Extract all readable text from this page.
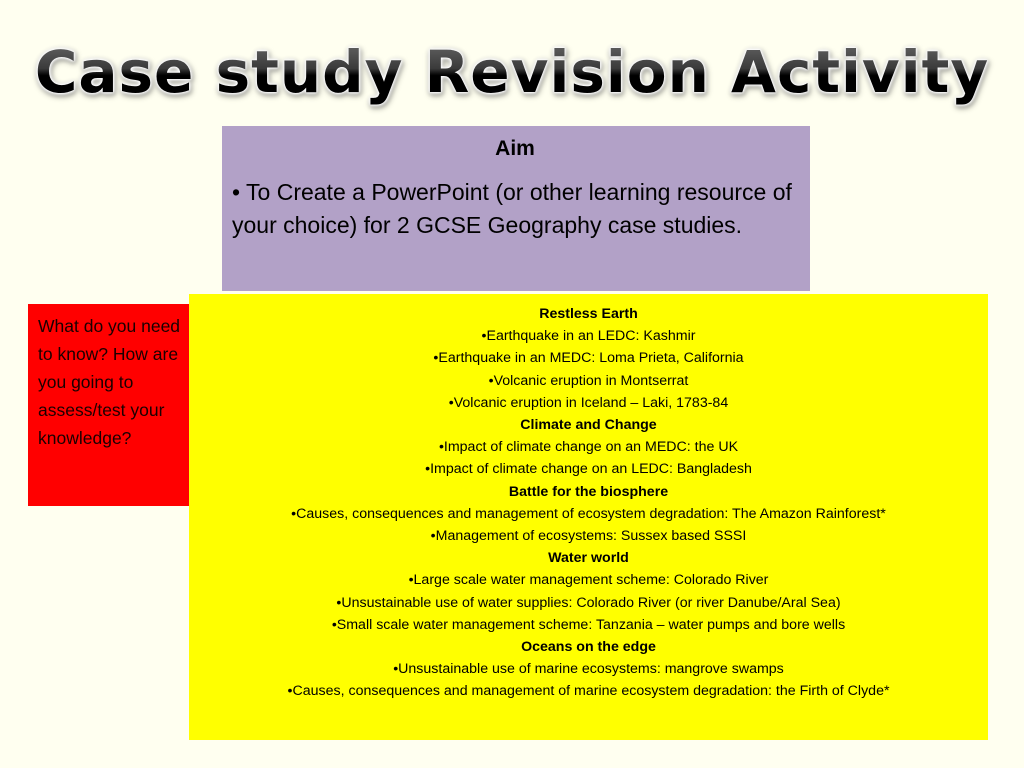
Case study Revision Activity
Aim
• To Create a PowerPoint (or other learning resource of your choice) for 2 GCSE Geography case studies.
What do you need to know? How are you going to assess/test your knowledge?
Restless Earth
•Earthquake in an LEDC: Kashmir
•Earthquake in an MEDC: Loma Prieta, California
•Volcanic eruption in Montserrat
•Volcanic eruption in Iceland – Laki, 1783-84
Climate and Change
•Impact of climate change on an MEDC: the UK
•Impact of climate change on an LEDC: Bangladesh
Battle for the biosphere
•Causes, consequences and management of ecosystem degradation: The Amazon Rainforest*
•Management of ecosystems: Sussex based SSSI
Water world
•Large scale water management scheme: Colorado River
•Unsustainable use of water supplies: Colorado River (or river Danube/Aral Sea)
•Small scale water management scheme: Tanzania – water pumps and bore wells
Oceans on the edge
•Unsustainable use of marine ecosystems: mangrove swamps
•Causes, consequences and management of marine ecosystem degradation: the Firth of Clyde*
